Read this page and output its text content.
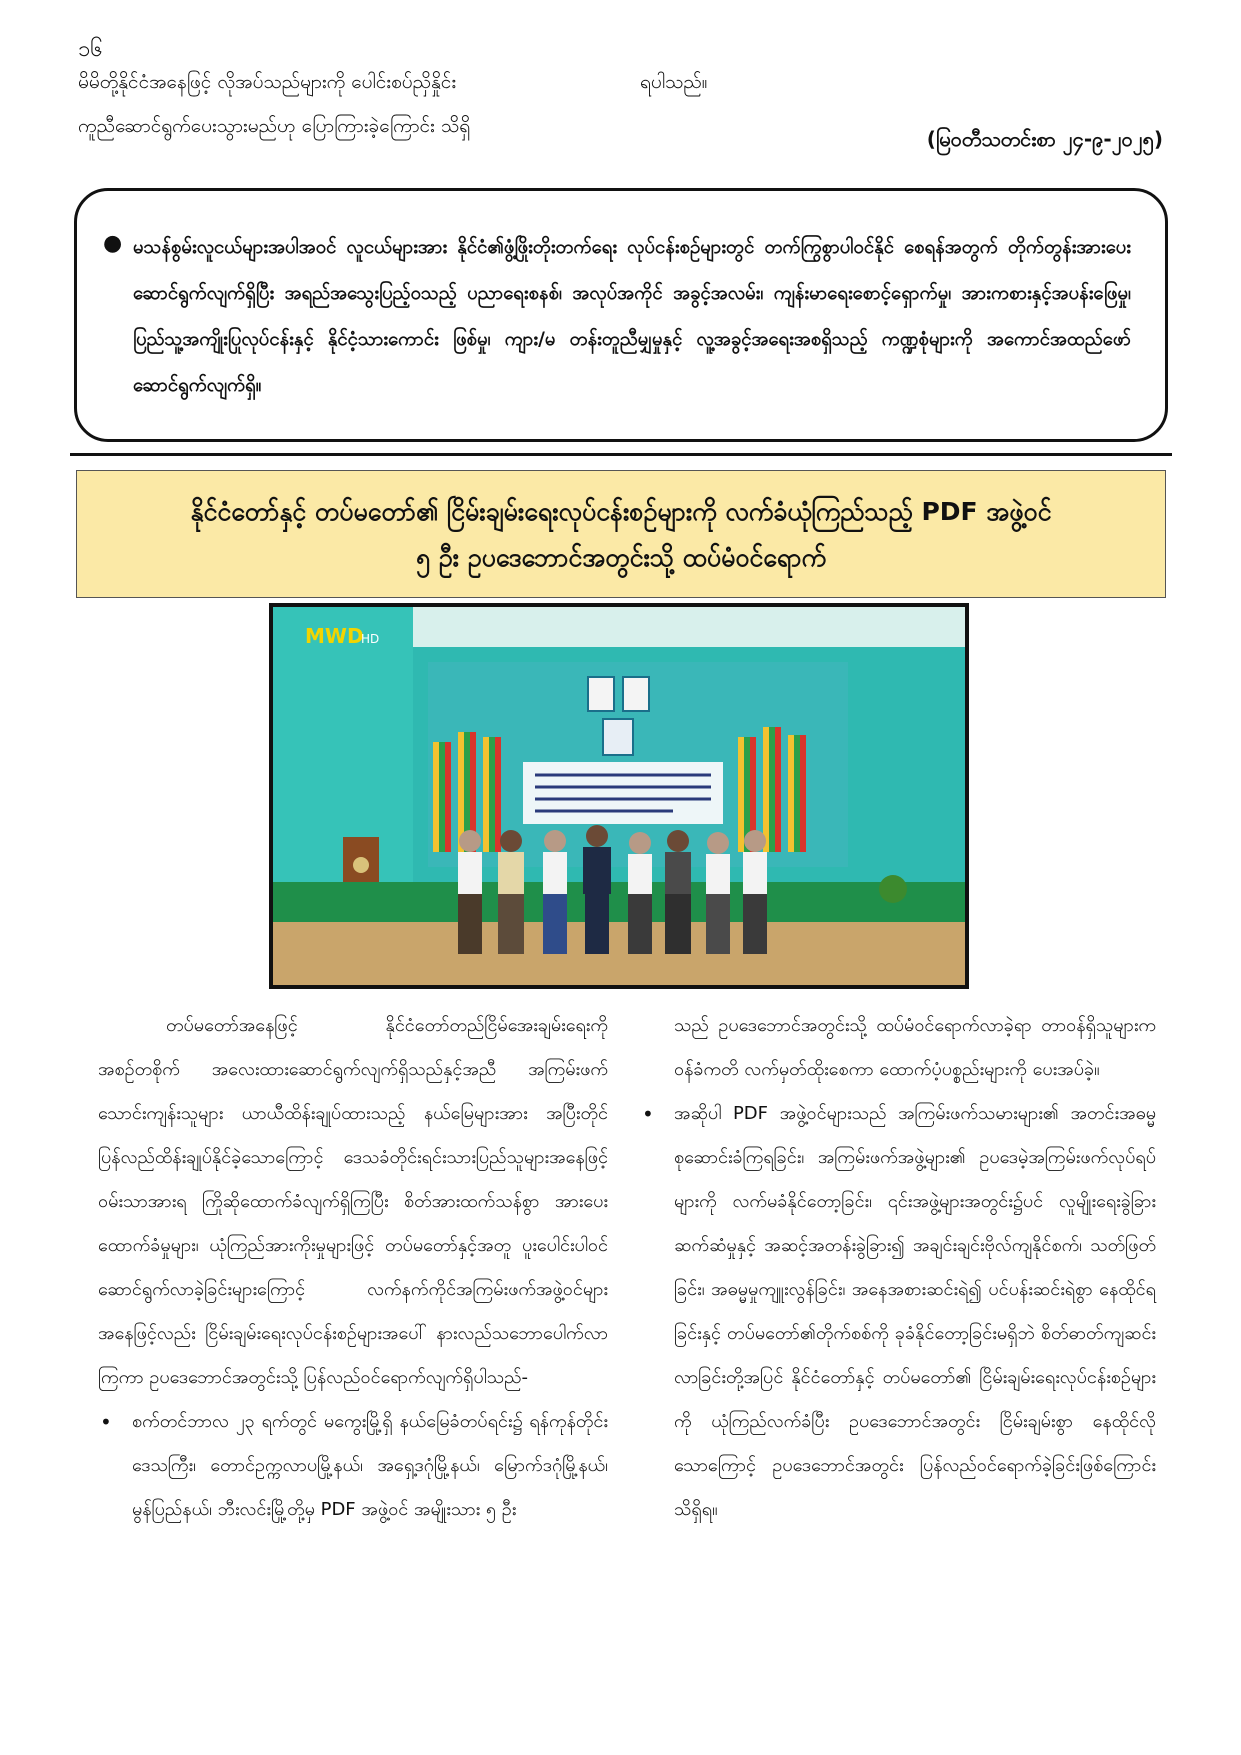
၁၆
မိမိတို့နိုင်ငံအနေဖြင့် လိုအပ်သည်များကို ပေါင်းစပ်ညှိနှိုင်း	ရပါသည်။
ကူညီဆောင်ရွက်ပေးသွားမည်ဟု ပြောကြားခဲ့ကြောင်း သိရှိ
(မြဝတီသတင်းစာ ၂၄-၉-၂၀၂၅)
● မသန်စွမ်းလူငယ်များအပါအဝင် လူငယ်များအား နိုင်ငံ၏ဖွံ့ဖြိုးတိုးတက်ရေး လုပ်ငန်းစဉ်များတွင် တက်ကြွစွာပါဝင်နိုင် စေရန်အတွက် တိုက်တွန်းအားပေးဆောင်ရွက်လျက်ရှိပြီး အရည်အသွေးပြည့်ဝသည့် ပညာရေးစနစ်၊ အလုပ်အကိုင် အခွင့်အလမ်း၊ ကျန်းမာရေးစောင့်ရှောက်မှု၊ အားကစားနှင့်အပန်းဖြေမှု၊ ပြည်သူ့အကျိုးပြုလုပ်ငန်းနှင့် နိုင်ငံ့သားကောင်း ဖြစ်မှု၊ ကျား/မ တန်းတူညီမျှမှုနှင့် လူ့အခွင့်အရေးအစရှိသည့် ကဏ္ဍစုံများကို အကောင်အထည်ဖော်ဆောင်ရွက်လျက်ရှိ။

နိုင်ငံတော်နှင့် တပ်မတော်၏ ငြိမ်းချမ်းရေးလုပ်ငန်းစဉ်များကို လက်ခံယုံကြည်သည့် PDF အဖွဲ့ဝင်
၅ ဦး ဥပဒေဘောင်အတွင်းသို့ ထပ်မံဝင်ရောက်
MWD
HD

တပ်မတော်အနေဖြင့် နိုင်ငံတော်တည်ငြိမ်အေးချမ်းရေးကို အစဉ်တစိုက် အလေးထားဆောင်ရွက်လျက်ရှိသည်နှင့်အညီ အကြမ်းဖက်သောင်းကျန်းသူများ ယာယီထိန်းချုပ်ထားသည့် နယ်မြေများအား အပြီးတိုင်ပြန်လည်ထိန်းချုပ်နိုင်ခဲ့သောကြောင့် ဒေသခံတိုင်းရင်းသားပြည်သူများအနေဖြင့် ဝမ်းသာအားရ ကြိုဆိုထောက်ခံလျက်ရှိကြပြီး စိတ်အားထက်သန်စွာ အားပေးထောက်ခံမှုများ၊ ယုံကြည်အားကိုးမှုများဖြင့် တပ်မတော်နှင့်အတူ ပူးပေါင်းပါဝင်ဆောင်ရွက်လာခဲ့ခြင်းများကြောင့် လက်နက်ကိုင်အကြမ်းဖက်အဖွဲ့ဝင်များအနေဖြင့်လည်း ငြိမ်းချမ်းရေးလုပ်ငန်းစဉ်များအပေါ် နားလည်သဘောပေါက်လာကြကာ ဥပဒေဘောင်အတွင်းသို့ ပြန်လည်ဝင်ရောက်လျက်ရှိပါသည်-

• စက်တင်ဘာလ ၂၃ ရက်တွင် မကွေးမြို့ရှိ နယ်မြေခံတပ်ရင်း၌ ရန်ကုန်တိုင်းဒေသကြီး၊ တောင်ဥက္ကလာပမြို့နယ်၊ အရှေ့ဒဂုံမြို့နယ်၊ မြောက်ဒဂုံမြို့နယ်၊ မွန်ပြည်နယ်၊ ဘီးလင်းမြို့တို့မှ PDF အဖွဲ့ဝင် အမျိုးသား ၅ ဦး

သည် ဥပဒေဘောင်အတွင်းသို့ ထပ်မံဝင်ရောက်လာခဲ့ရာ တာဝန်ရှိသူများက ဝန်ခံကတိ လက်မှတ်ထိုးစေကာ ထောက်ပံ့ပစ္စည်းများကို ပေးအပ်ခဲ့။

• အဆိုပါ PDF အဖွဲ့ဝင်များသည် အကြမ်းဖက်သမားများ၏ အတင်းအဓမ္မ စုဆောင်းခံကြရခြင်း၊ အကြမ်းဖက်အဖွဲ့များ၏ ဥပဒေမဲ့အကြမ်းဖက်လုပ်ရပ်များကို လက်မခံနိုင်တော့ခြင်း၊ ၎င်းအဖွဲ့များအတွင်း၌ပင် လူမျိုးရေးခွဲခြားဆက်ဆံမှုနှင့် အဆင့်အတန်းခွဲခြား၍ အချင်းချင်းဗိုလ်ကျနိုင်စက်၊ သတ်ဖြတ်ခြင်း၊ အဓမ္မမှုကျူးလွန်ခြင်း၊ အနေအစားဆင်းရဲ၍ ပင်ပန်းဆင်းရဲစွာ နေထိုင်ရခြင်းနှင့် တပ်မတော်၏တိုက်စစ်ကို ခုခံနိုင်တော့ခြင်းမရှိဘဲ စိတ်ဓာတ်ကျဆင်းလာခြင်းတို့အပြင် နိုင်ငံတော်နှင့် တပ်မတော်၏ ငြိမ်းချမ်းရေးလုပ်ငန်းစဉ်များကို ယုံကြည်လက်ခံပြီး ဥပဒေဘောင်အတွင်း ငြိမ်းချမ်းစွာ နေထိုင်လိုသောကြောင့် ဥပဒေဘောင်အတွင်း ပြန်လည်ဝင်ရောက်ခဲ့ခြင်းဖြစ်ကြောင်း သိရှိရ။
